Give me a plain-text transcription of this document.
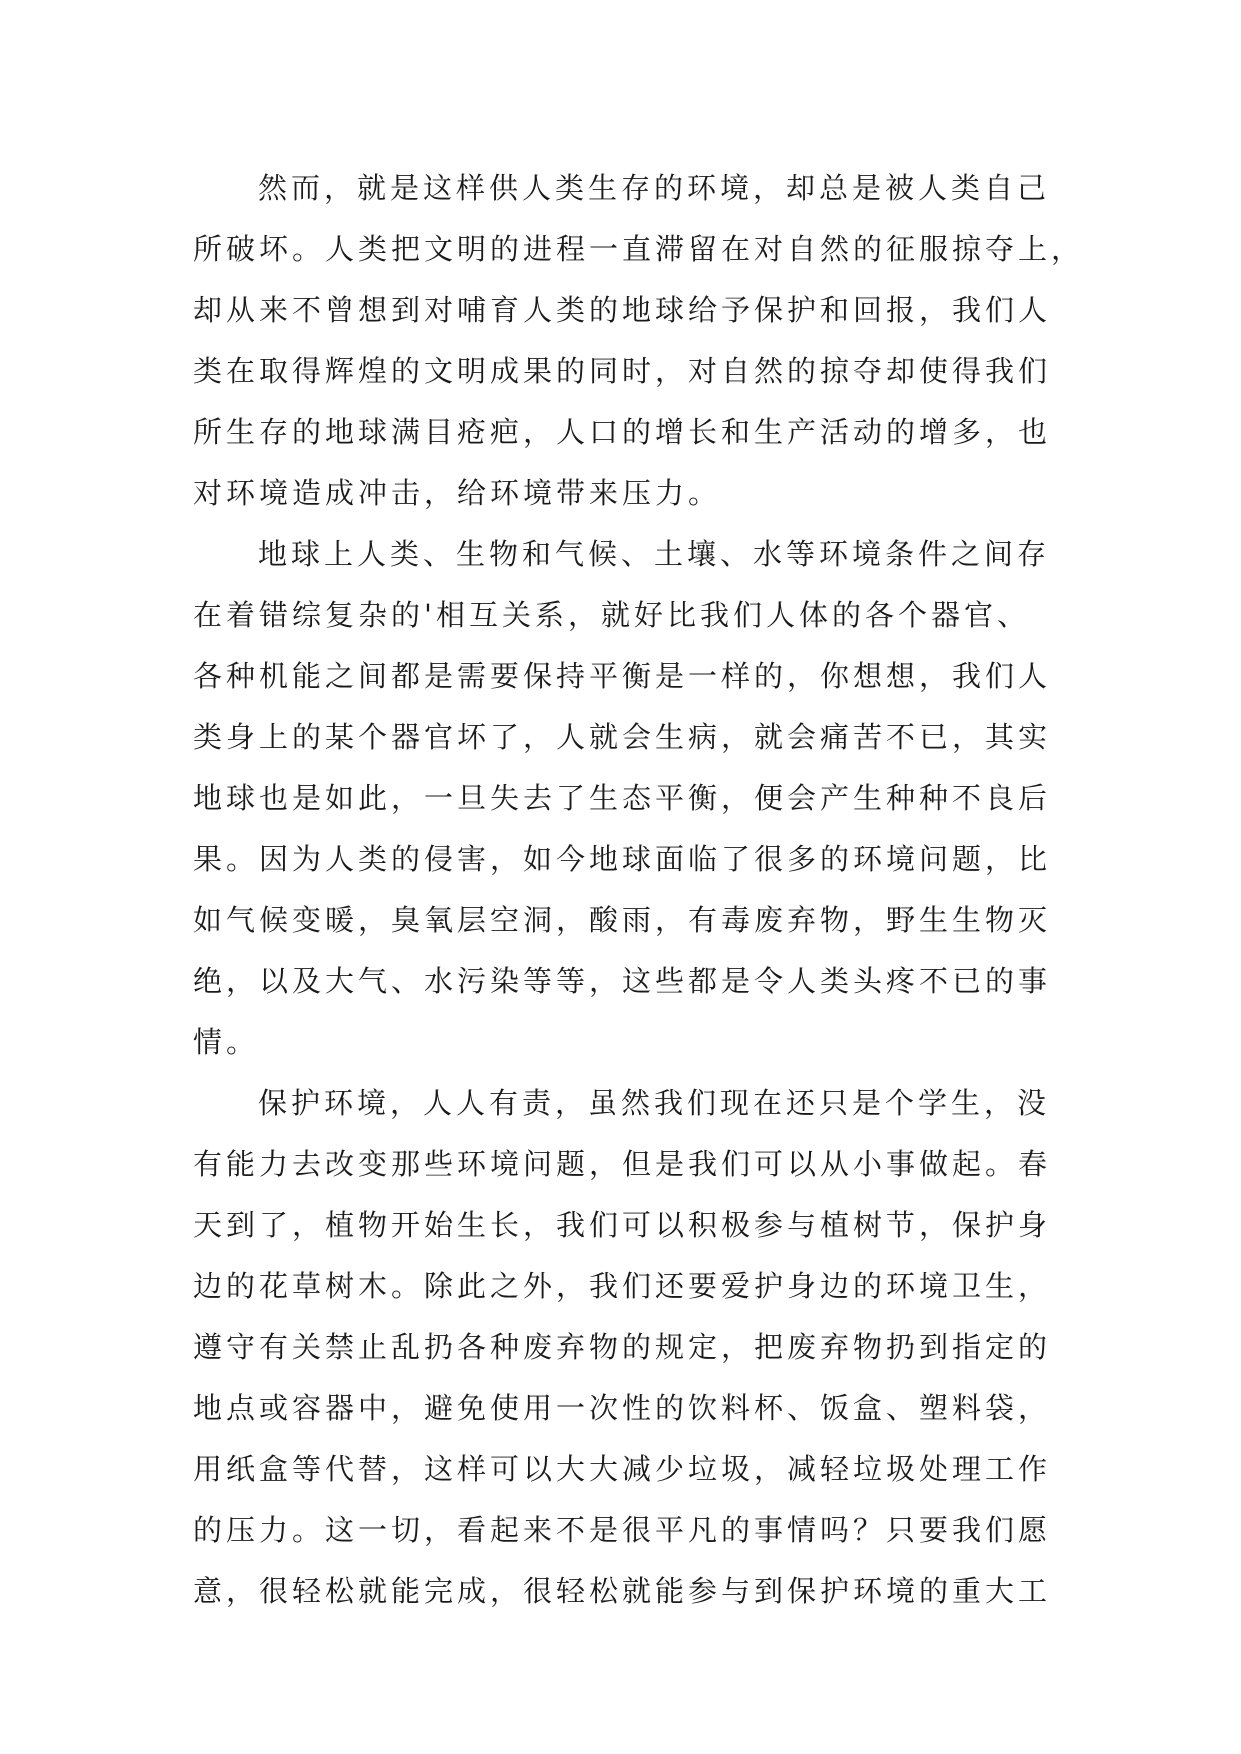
然而，就是这样供人类生存的环境，却总是被人类自己
所破坏。人类把文明的进程一直滞留在对自然的征服掠夺上，
却从来不曾想到对哺育人类的地球给予保护和回报，我们人
类在取得辉煌的文明成果的同时，对自然的掠夺却使得我们
所生存的地球满目疮疤，人口的增长和生产活动的增多，也
对环境造成冲击，给环境带来压力。
地球上人类、生物和气候、土壤、水等环境条件之间存
在着错综复杂的'相互关系，就好比我们人体的各个器官、
各种机能之间都是需要保持平衡是一样的，你想想，我们人
类身上的某个器官坏了，人就会生病，就会痛苦不已，其实
地球也是如此，一旦失去了生态平衡，便会产生种种不良后
果。因为人类的侵害，如今地球面临了很多的环境问题，比
如气候变暖，臭氧层空洞，酸雨，有毒废弃物，野生生物灭
绝，以及大气、水污染等等，这些都是令人类头疼不已的事
情。
保护环境，人人有责，虽然我们现在还只是个学生，没
有能力去改变那些环境问题，但是我们可以从小事做起。春
天到了，植物开始生长，我们可以积极参与植树节，保护身
边的花草树木。除此之外，我们还要爱护身边的环境卫生，
遵守有关禁止乱扔各种废弃物的规定，把废弃物扔到指定的
地点或容器中，避免使用一次性的饮料杯、饭盒、塑料袋，
用纸盒等代替，这样可以大大减少垃圾，减轻垃圾处理工作
的压力。这一切，看起来不是很平凡的事情吗？只要我们愿
意，很轻松就能完成，很轻松就能参与到保护环境的重大工
